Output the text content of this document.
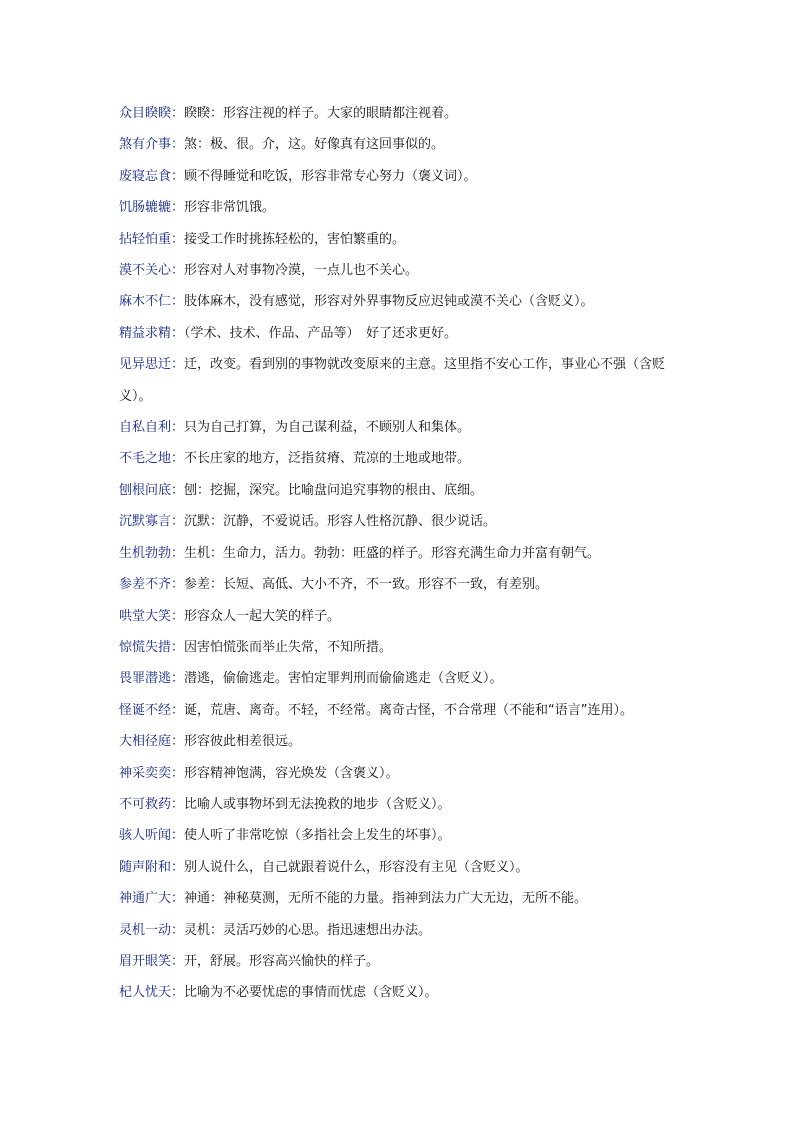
众目睽睽：睽睽：形容注视的样子。大家的眼睛都注视着。
煞有介事：煞：极、很。介，这。好像真有这回事似的。
废寝忘食：顾不得睡觉和吃饭，形容非常专心努力（褒义词）。
饥肠辘辘：形容非常饥饿。
拈轻怕重：接受工作时挑拣轻松的，害怕繁重的。
漠不关心：形容对人对事物冷漠，一点儿也不关心。
麻木不仁：肢体麻木，没有感觉，形容对外界事物反应迟钝或漠不关心（含贬义）。
精益求精：（学术、技术、作品、产品等）　好了还求更好。
见异思迁：迁，改变。看到别的事物就改变原来的主意。这里指不安心工作，事业心不强（含贬义）。
自私自利：只为自己打算，为自己谋利益，不顾别人和集体。
不毛之地：不长庄家的地方，泛指贫瘠、荒凉的土地或地带。
刨根问底：刨：挖掘，深究。比喻盘问追究事物的根由、底细。
沉默寡言：沉默：沉静，不爱说话。形容人性格沉静、很少说话。
生机勃勃：生机：生命力，活力。勃勃：旺盛的样子。形容充满生命力并富有朝气。
参差不齐：参差：长短、高低、大小不齐，不一致。形容不一致，有差别。
哄堂大笑：形容众人一起大笑的样子。
惊慌失措：因害怕慌张而举止失常，不知所措。
畏罪潜逃：潜逃，偷偷逃走。害怕定罪判刑而偷偷逃走（含贬义）。
怪诞不经：诞，荒唐、离奇。不轻，不经常。离奇古怪，不合常理（不能和“语言”连用）。
大相径庭：形容彼此相差很远。
神采奕奕：形容精神饱满，容光焕发（含褒义）。
不可救药：比喻人或事物坏到无法挽救的地步（含贬义）。
骇人听闻：使人听了非常吃惊（多指社会上发生的坏事）。
随声附和：别人说什么，自己就跟着说什么，形容没有主见（含贬义）。
神通广大：神通：神秘莫测，无所不能的力量。指神到法力广大无边，无所不能。
灵机一动：灵机：灵活巧妙的心思。指迅速想出办法。
眉开眼笑：开，舒展。形容高兴愉快的样子。
杞人忧天：比喻为不必要忧虑的事情而忧虑（含贬义）。
